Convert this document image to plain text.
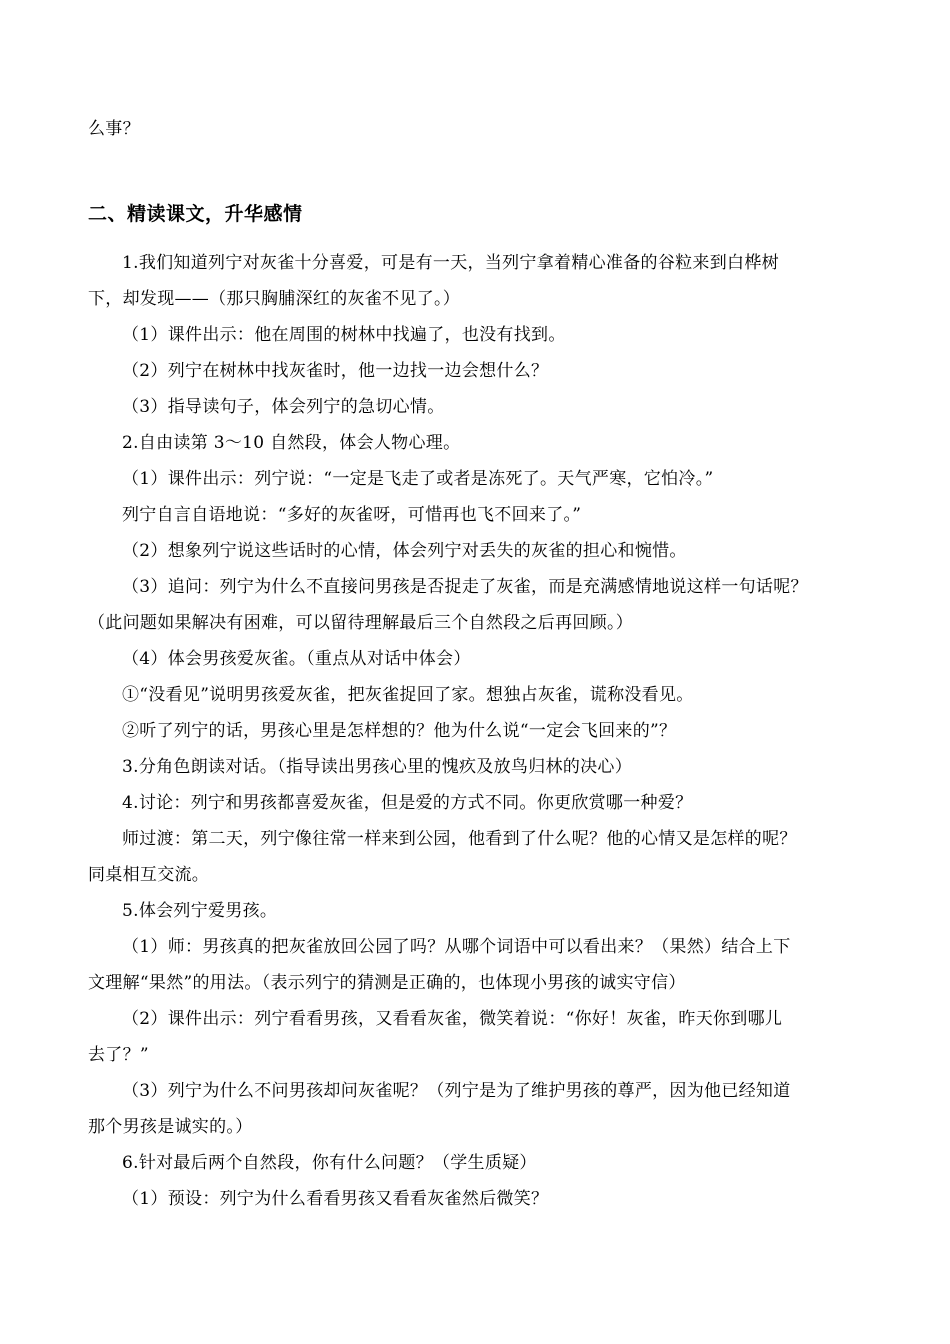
么事？
二、精读课文，升华感情
1.我们知道列宁对灰雀十分喜爱，可是有一天，当列宁拿着精心准备的谷粒来到白桦树
下，却发现——（那只胸脯深红的灰雀不见了。）
（1）课件出示：他在周围的树林中找遍了，也没有找到。
（2）列宁在树林中找灰雀时，他一边找一边会想什么？
（3）指导读句子，体会列宁的急切心情。
2.自由读第 3～10 自然段，体会人物心理。
（1）课件出示：列宁说：“一定是飞走了或者是冻死了。天气严寒，它怕冷。”
列宁自言自语地说：“多好的灰雀呀，可惜再也飞不回来了。”
（2）想象列宁说这些话时的心情，体会列宁对丢失的灰雀的担心和惋惜。
（3）追问：列宁为什么不直接问男孩是否捉走了灰雀，而是充满感情地说这样一句话呢？
（此问题如果解决有困难，可以留待理解最后三个自然段之后再回顾。）
（4）体会男孩爱灰雀。（重点从对话中体会）
①“没看见”说明男孩爱灰雀，把灰雀捉回了家。想独占灰雀，谎称没看见。
②听了列宁的话，男孩心里是怎样想的？他为什么说“一定会飞回来的”？
3.分角色朗读对话。（指导读出男孩心里的愧疚及放鸟归林的决心）
4.讨论：列宁和男孩都喜爱灰雀，但是爱的方式不同。你更欣赏哪一种爱？
师过渡：第二天，列宁像往常一样来到公园，他看到了什么呢？他的心情又是怎样的呢？
同桌相互交流。
5.体会列宁爱男孩。
（1）师：男孩真的把灰雀放回公园了吗？从哪个词语中可以看出来？（果然）结合上下
文理解“果然”的用法。（表示列宁的猜测是正确的，也体现小男孩的诚实守信）
（2）课件出示：列宁看看男孩，又看看灰雀，微笑着说：“你好！灰雀，昨天你到哪儿
去了？”
（3）列宁为什么不问男孩却问灰雀呢？（列宁是为了维护男孩的尊严，因为他已经知道
那个男孩是诚实的。）
6.针对最后两个自然段，你有什么问题？（学生质疑）
（1）预设：列宁为什么看看男孩又看看灰雀然后微笑？
